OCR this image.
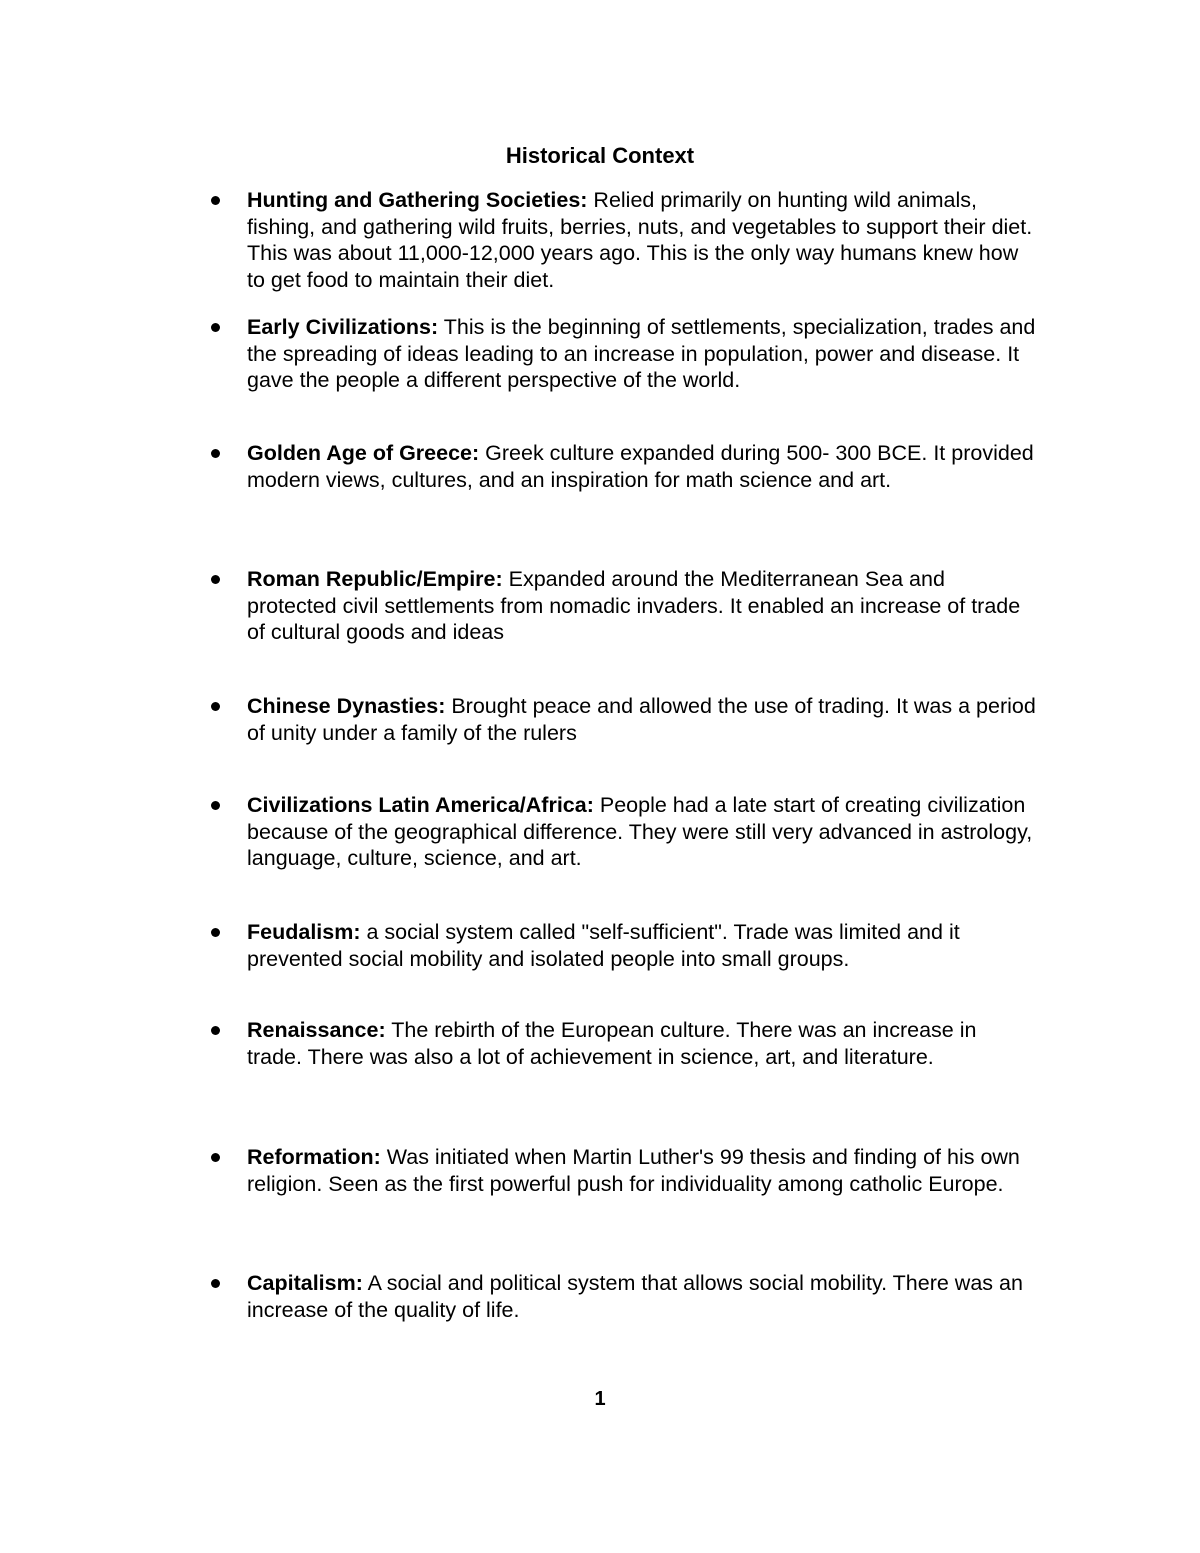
Historical Context
Hunting and Gathering Societies: Relied primarily on hunting wild animals, fishing, and gathering wild fruits, berries, nuts, and vegetables to support their diet. This was about 11,000-12,000 years ago. This is the only way humans knew how to get food to maintain their diet.
Early Civilizations: This is the beginning of settlements, specialization, trades and the spreading of ideas leading to an increase in population, power and disease. It gave the people a different perspective of the world.
Golden Age of Greece: Greek culture expanded during 500- 300 BCE. It provided modern views, cultures, and an inspiration for math science and art.
Roman Republic/Empire: Expanded around the Mediterranean Sea and protected civil settlements from nomadic invaders. It enabled an increase of trade of cultural goods and ideas
Chinese Dynasties: Brought peace and allowed the use of trading. It was a period of unity under a family of the rulers
Civilizations Latin America/Africa: People had a late start of creating civilization because of the geographical difference. They were still very advanced in astrology, language, culture, science, and art.
Feudalism: a social system called "self-sufficient". Trade was limited and it prevented social mobility and isolated people into small groups.
Renaissance: The rebirth of the European culture. There was an increase in trade. There was also a lot of achievement in science, art, and literature.
Reformation: Was initiated when Martin Luther's 99 thesis and finding of his own religion. Seen as the first powerful push for individuality among catholic Europe.
Capitalism: A social and political system that allows social mobility. There was an increase of the quality of life.
1
